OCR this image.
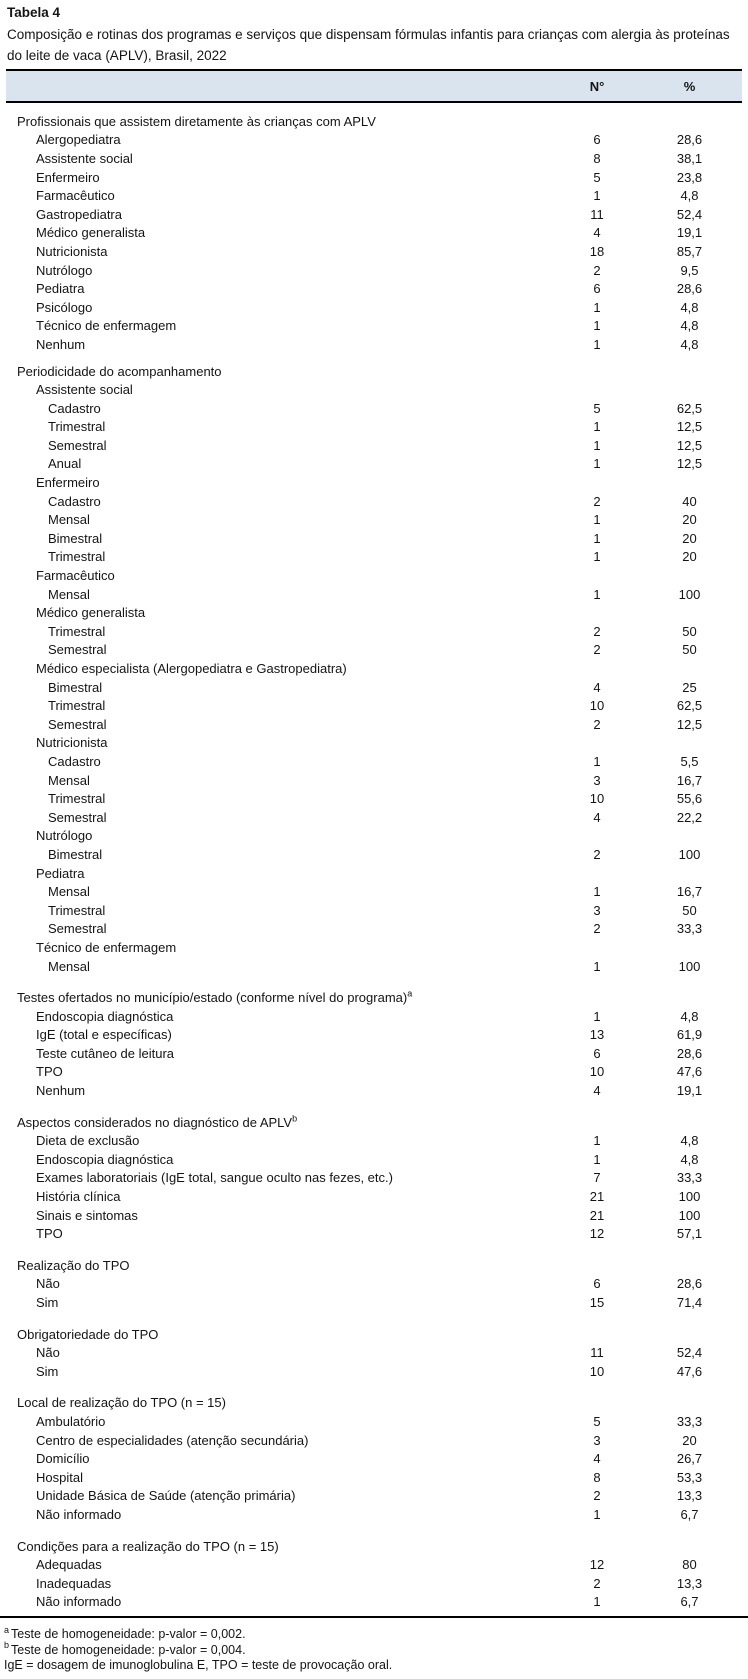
Tabela 4
Composição e rotinas dos programas e serviços que dispensam fórmulas infantis para crianças com alergia às proteínas do leite de vaca (APLV), Brasil, 2022
N°	%
Profissionais que assistem diretamente às crianças com APLV
Alergopediatra	6	28,6
Assistente social	8	38,1
Enfermeiro	5	23,8
Farmacêutico	1	4,8
Gastropediatra	11	52,4
Médico generalista	4	19,1
Nutricionista	18	85,7
Nutrólogo	2	9,5
Pediatra	6	28,6
Psicólogo	1	4,8
Técnico de enfermagem	1	4,8
Nenhum	1	4,8
Periodicidade do acompanhamento
Assistente social
Cadastro	5	62,5
Trimestral	1	12,5
Semestral	1	12,5
Anual	1	12,5
Enfermeiro
Cadastro	2	40
Mensal	1	20
Bimestral	1	20
Trimestral	1	20
Farmacêutico
Mensal	1	100
Médico generalista
Trimestral	2	50
Semestral	2	50
Médico especialista (Alergopediatra e Gastropediatra)
Bimestral	4	25
Trimestral	10	62,5
Semestral	2	12,5
Nutricionista
Cadastro	1	5,5
Mensal	3	16,7
Trimestral	10	55,6
Semestral	4	22,2
Nutrólogo
Bimestral	2	100
Pediatra
Mensal	1	16,7
Trimestral	3	50
Semestral	2	33,3
Técnico de enfermagem
Mensal	1	100
Testes ofertados no município/estado (conforme nível do programa)$^a$
Endoscopia diagnóstica	1	4,8
IgE (total e específicas)	13	61,9
Teste cutâneo de leitura	6	28,6
TPO	10	47,6
Nenhum	4	19,1
Aspectos considerados no diagnóstico de APLV$^b$
Dieta de exclusão	1	4,8
Endoscopia diagnóstica	1	4,8
Exames laboratoriais (IgE total, sangue oculto nas fezes, etc.)	7	33,3
História clínica	21	100
Sinais e sintomas	21	100
TPO	12	57,1
Realização do TPO
Não	6	28,6
Sim	15	71,4
Obrigatoriedade do TPO
Não	11	52,4
Sim	10	47,6
Local de realização do TPO (n = 15)
Ambulatório	5	33,3
Centro de especialidades (atenção secundária)	3	20
Domicílio	4	26,7
Hospital	8	53,3
Unidade Básica de Saúde (atenção primária)	2	13,3
Não informado	1	6,7
Condições para a realização do TPO (n = 15)
Adequadas	12	80
Inadequadas	2	13,3
Não informado	1	6,7
$^a$ Teste de homogeneidade: p-valor = 0,002.
$^b$ Teste de homogeneidade: p-valor = 0,004.
IgE = dosagem de imunoglobulina E, TPO = teste de provocação oral.
